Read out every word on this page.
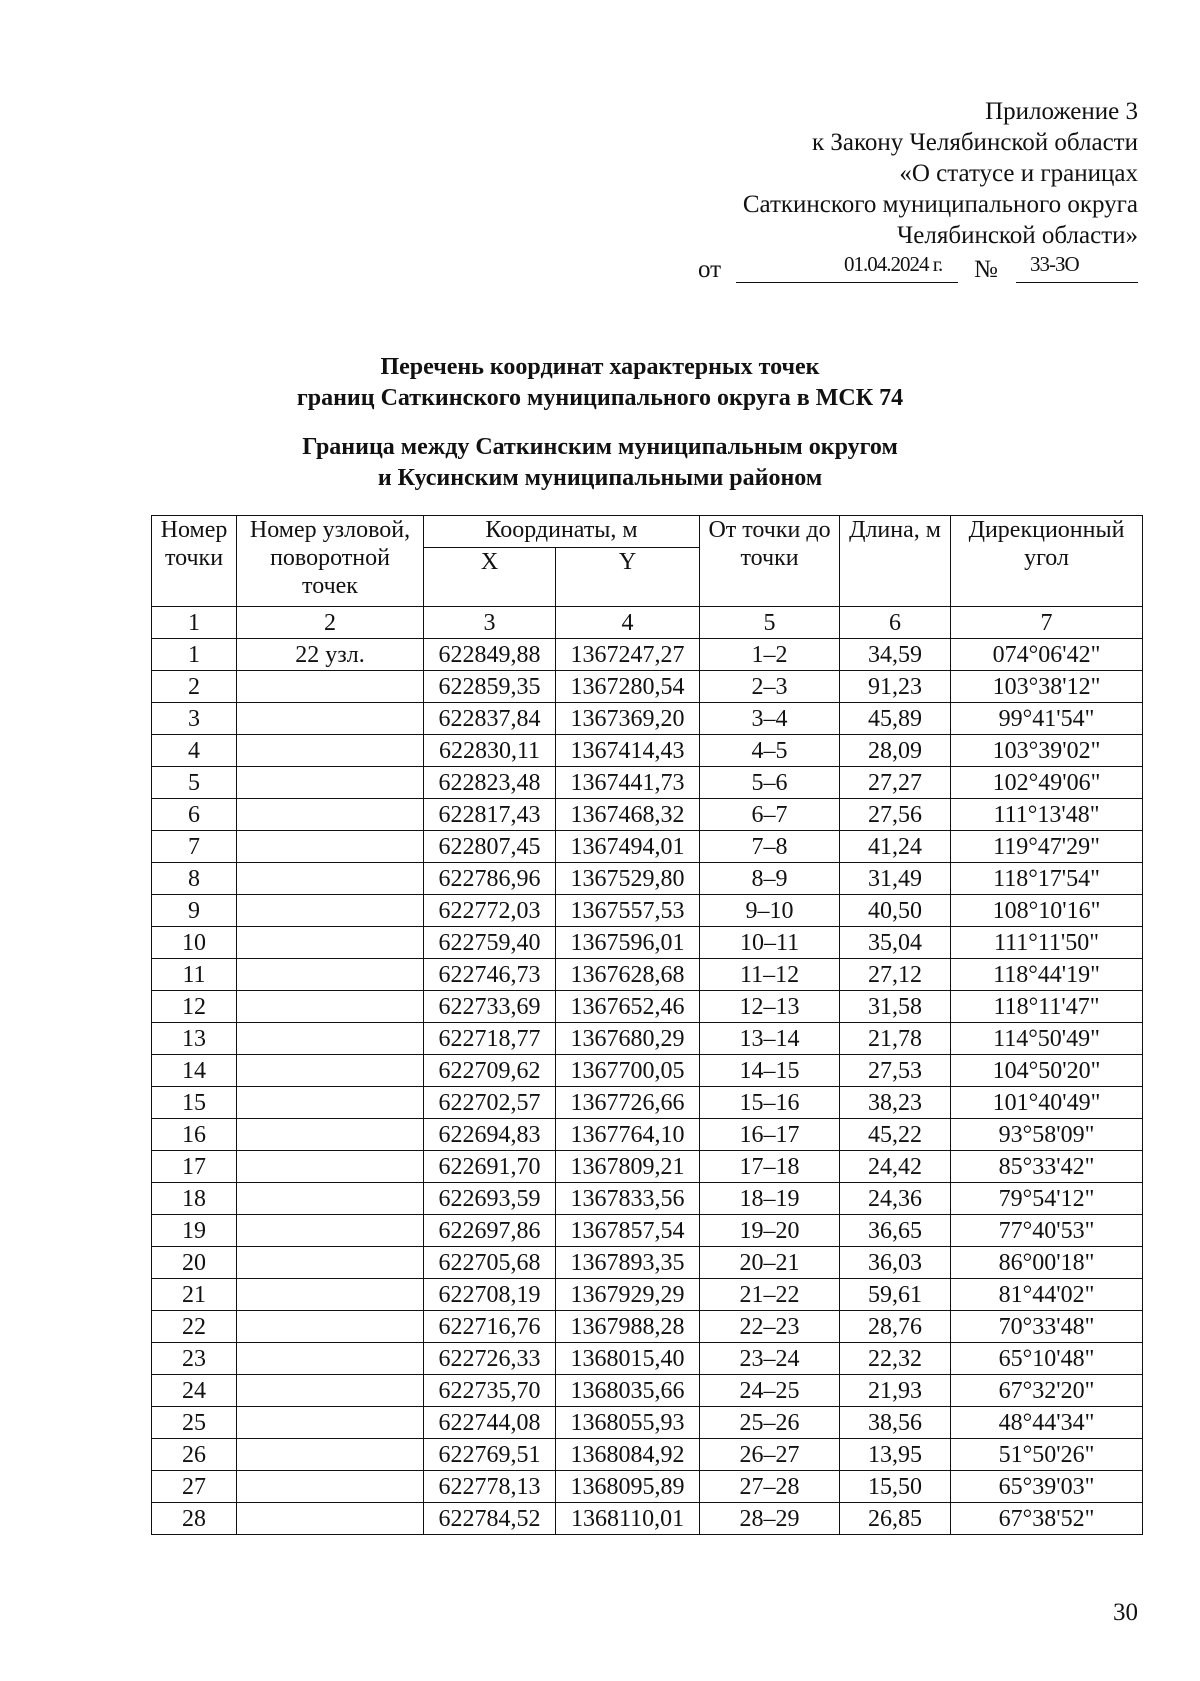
Приложение 3
к Закону Челябинской области
«О статусе и границах
Саткинского муниципального округа
Челябинской области»
от	01.04.2024 г. № 33-ЗО
Перечень координат характерных точек
границ Саткинского муниципального округа в МСК 74
Граница между Саткинским муниципальным округом
и Кусинским муниципальными районом
Номер точки	Номер узловой, поворотной точек	Координаты, м		От точки до точки	Длина, м	Дирекционный угол
		X	Y			
1	2	3	4	5	6	7
1	22 узл.	622849,88	1367247,27	1–2	34,59	074°06'42"
2		622859,35	1367280,54	2–3	91,23	103°38'12"
3		622837,84	1367369,20	3–4	45,89	99°41'54"
4		622830,11	1367414,43	4–5	28,09	103°39'02"
5		622823,48	1367441,73	5–6	27,27	102°49'06"
6		622817,43	1367468,32	6–7	27,56	111°13'48"
7		622807,45	1367494,01	7–8	41,24	119°47'29"
8		622786,96	1367529,80	8–9	31,49	118°17'54"
9		622772,03	1367557,53	9–10	40,50	108°10'16"
10		622759,40	1367596,01	10–11	35,04	111°11'50"
11		622746,73	1367628,68	11–12	27,12	118°44'19"
12		622733,69	1367652,46	12–13	31,58	118°11'47"
13		622718,77	1367680,29	13–14	21,78	114°50'49"
14		622709,62	1367700,05	14–15	27,53	104°50'20"
15		622702,57	1367726,66	15–16	38,23	101°40'49"
16		622694,83	1367764,10	16–17	45,22	93°58'09"
17		622691,70	1367809,21	17–18	24,42	85°33'42"
18		622693,59	1367833,56	18–19	24,36	79°54'12"
19		622697,86	1367857,54	19–20	36,65	77°40'53"
20		622705,68	1367893,35	20–21	36,03	86°00'18"
21		622708,19	1367929,29	21–22	59,61	81°44'02"
22		622716,76	1367988,28	22–23	28,76	70°33'48"
23		622726,33	1368015,40	23–24	22,32	65°10'48"
24		622735,70	1368035,66	24–25	21,93	67°32'20"
25		622744,08	1368055,93	25–26	38,56	48°44'34"
26		622769,51	1368084,92	26–27	13,95	51°50'26"
27		622778,13	1368095,89	27–28	15,50	65°39'03"
28		622784,52	1368110,01	28–29	26,85	67°38'52"
30
